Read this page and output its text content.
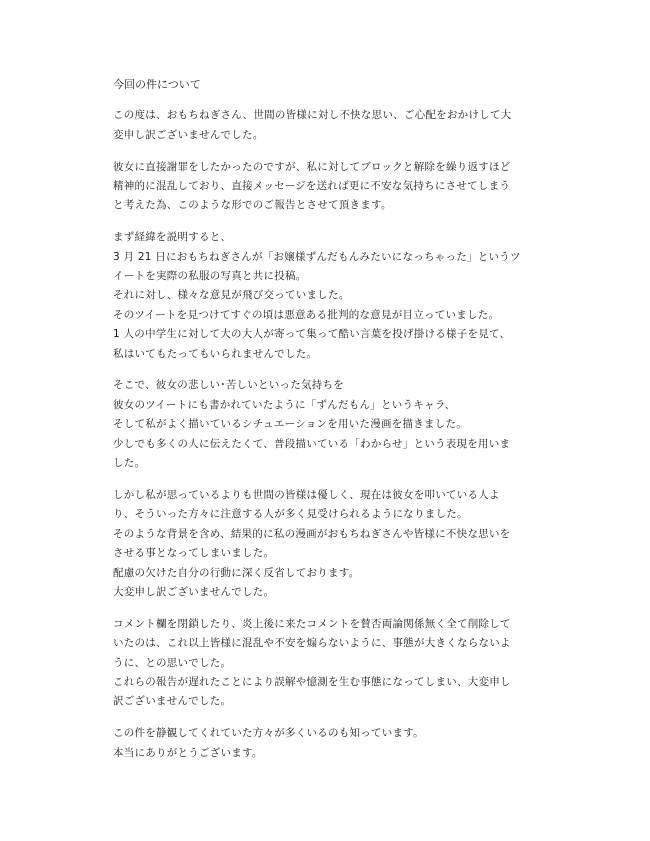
今回の件について
この度は、おもちねぎさん、世間の皆様に対し不快な思い、ご心配をおかけして大
変申し訳ございませんでした。
彼女に直接謝罪をしたかったのですが、私に対してブロックと解除を繰り返すほど
精神的に混乱しており、直接メッセージを送れば更に不安な気持ちにさせてしまう
と考えた為、このような形でのご報告とさせて頂きます。
まず経緯を説明すると、
3 月 21 日におもちねぎさんが「お嬢様ずんだもんみたいになっちゃった」というツ
イートを実際の私服の写真と共に投稿。
それに対し、様々な意見が飛び交っていました。
そのツイートを見つけてすぐの頃は悪意ある批判的な意見が目立っていました。
1 人の中学生に対して大の大人が寄って集って酷い言葉を投げ掛ける様子を見て、
私はいてもたってもいられませんでした。
そこで、彼女の悲しい･苦しいといった気持ちを
彼女のツイートにも書かれていたように「ずんだもん」というキャラ、
そして私がよく描いているシチュエーションを用いた漫画を描きました。
少しでも多くの人に伝えたくて、普段描いている「わからせ」という表現を用いま
した。
しかし私が思っているよりも世間の皆様は優しく、現在は彼女を叩いている人よ
り、そういった方々に注意する人が多く見受けられるようになりました。
そのような背景を含め、結果的に私の漫画がおもちねぎさんや皆様に不快な思いを
させる事となってしまいました。
配慮の欠けた自分の行動に深く反省しております。
大変申し訳ございませんでした。
コメント欄を閉鎖したり、炎上後に来たコメントを賛否両論関係無く全て削除して
いたのは、これ以上皆様に混乱や不安を煽らないように、事態が大きくならないよ
うに、との思いでした。
これらの報告が遅れたことにより誤解や憶測を生む事態になってしまい、大変申し
訳ございませんでした。
この件を静観してくれていた方々が多くいるのも知っています。
本当にありがとうございます。
